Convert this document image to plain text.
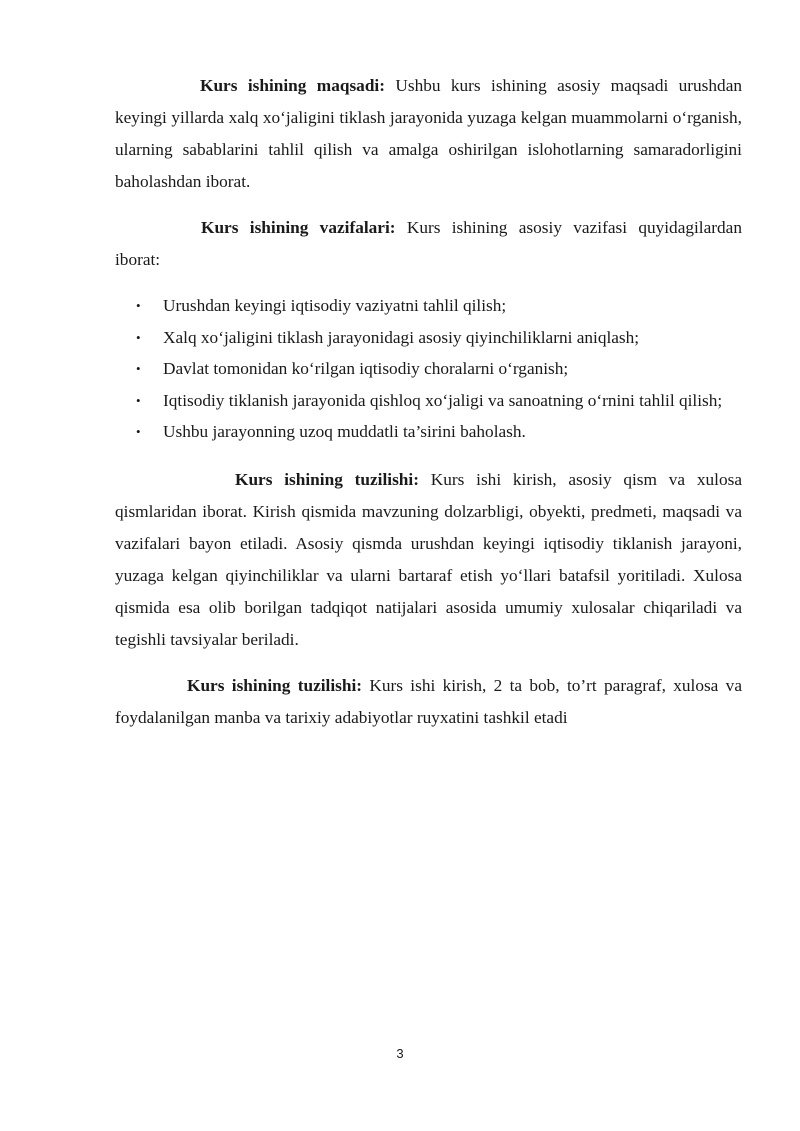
Kurs ishining maqsadi: Ushbu kurs ishining asosiy maqsadi urushdan keyingi yillarda xalq xo‘jaligini tiklash jarayonida yuzaga kelgan muammolarni o‘rganish, ularning sabablarini tahlil qilish va amalga oshirilgan islohotlarning samaradorligini baholashdan iborat.

Kurs ishining vazifalari: Kurs ishining asosiy vazifasi quyidagilardan iborat:

• Urushdan keyingi iqtisodiy vaziyatni tahlil qilish;
• Xalq xo‘jaligini tiklash jarayonidagi asosiy qiyinchiliklarni aniqlash;
• Davlat tomonidan ko‘rilgan iqtisodiy choralarni o‘rganish;
• Iqtisodiy tiklanish jarayonida qishloq xo‘jaligi va sanoatning o‘rnini tahlil qilish;
• Ushbu jarayonning uzoq muddatli ta’sirini baholash.

Kurs ishining tuzilishi: Kurs ishi kirish, asosiy qism va xulosa qismlaridan iborat. Kirish qismida mavzuning dolzarbligi, obyekti, predmeti, maqsadi va vazifalari bayon etiladi. Asosiy qismda urushdan keyingi iqtisodiy tiklanish jarayoni, yuzaga kelgan qiyinchiliklar va ularni bartaraf etish yo‘llari batafsil yoritiladi. Xulosa qismida esa olib borilgan tadqiqot natijalari asosida umumiy xulosalar chiqariladi va tegishli tavsiyalar beriladi.

Kurs ishining tuzilishi: Kurs ishi kirish, 2 ta bob, to’rt paragraf, xulosa va foydalanilgan manba va tarixiy adabiyotlar ruyxatini tashkil etadi

3
